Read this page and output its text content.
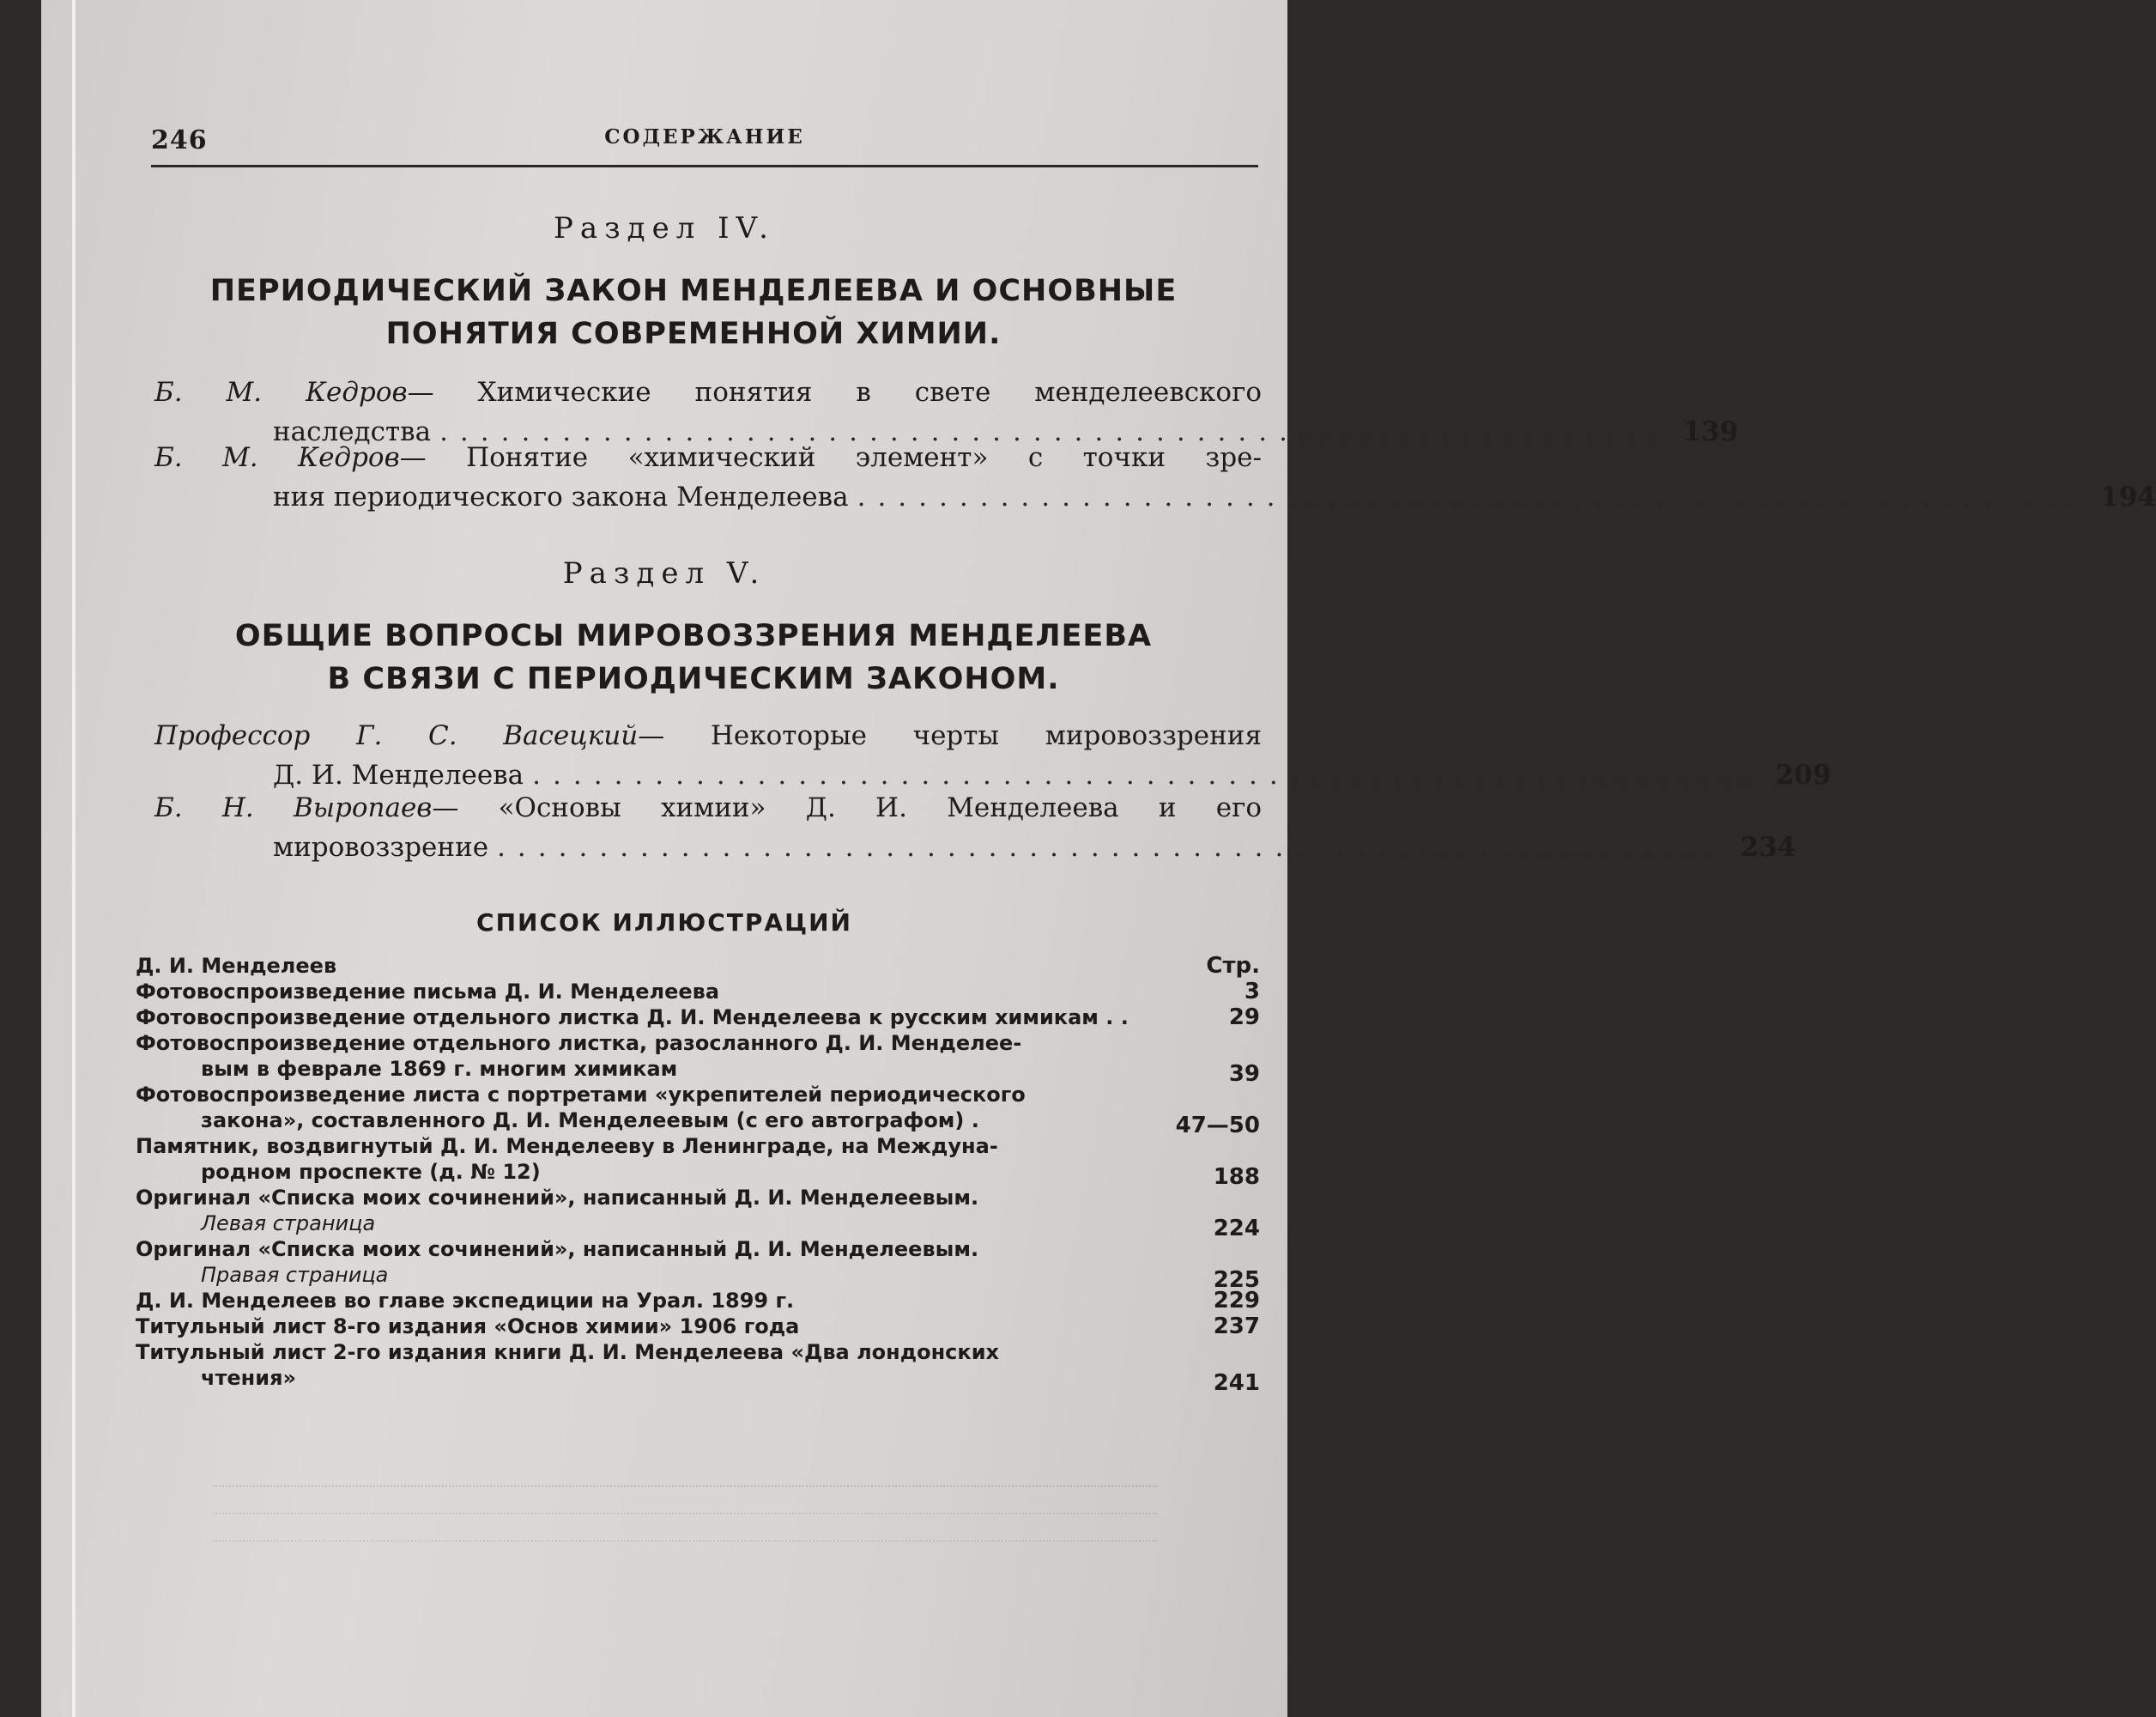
246	СОДЕРЖАНИЕ
Раздел IV.
ПЕРИОДИЧЕСКИЙ ЗАКОН МЕНДЕЛЕЕВА И ОСНОВНЫЕ
ПОНЯТИЯ СОВРЕМЕННОЙ ХИМИИ.
Б. М. Кедров— Химические понятия в свете менделеевского
наследства ............................................................ 139
Б. М. Кедров— Понятие «химический элемент» с точки зре-
ния периодического закона Менделеева ............................................................ 194
Раздел V.
ОБЩИЕ ВОПРОСЫ МИРОВОЗЗРЕНИЯ МЕНДЕЛЕЕВА
В СВЯЗИ С ПЕРИОДИЧЕСКИМ ЗАКОНОМ.
Профессор Г. С. Васецкий— Некоторые черты мировоззрения
Д. И. Менделеева ............................................................ 209
Б. Н. Выропаев— «Основы химии» Д. И. Менделеева и его
мировоззрение ............................................................ 234
СПИСОК ИЛЛЮСТРАЦИЙ
Д. И. Менделеев	Стр.
Фотовоспроизведение письма Д. И. Менделеева	3
Фотовоспроизведение отдельного листка Д. И. Менделеева к русским химикам . .	29
Фотовоспроизведение отдельного листка, разосланного Д. И. Менделее-
вым в феврале 1869 г. многим химикам	39
Фотовоспроизведение листа с портретами «укрепителей периодического
закона», составленного Д. И. Менделеевым (с его автографом) .	47—50
Памятник, воздвигнутый Д. И. Менделееву в Ленинграде, на Междуна-
родном проспекте (д. № 12)	188
Оригинал «Списка моих сочинений», написанный Д. И. Менделеевым.
Левая страница	224
Оригинал «Списка моих сочинений», написанный Д. И. Менделеевым.
Правая страница	225
Д. И. Менделеев во главе экспедиции на Урал. 1899 г.	229
Титульный лист 8-го издания «Основ химии» 1906 года	237
Титульный лист 2-го издания книги Д. И. Менделеева «Два лондонских
чтения»	241
